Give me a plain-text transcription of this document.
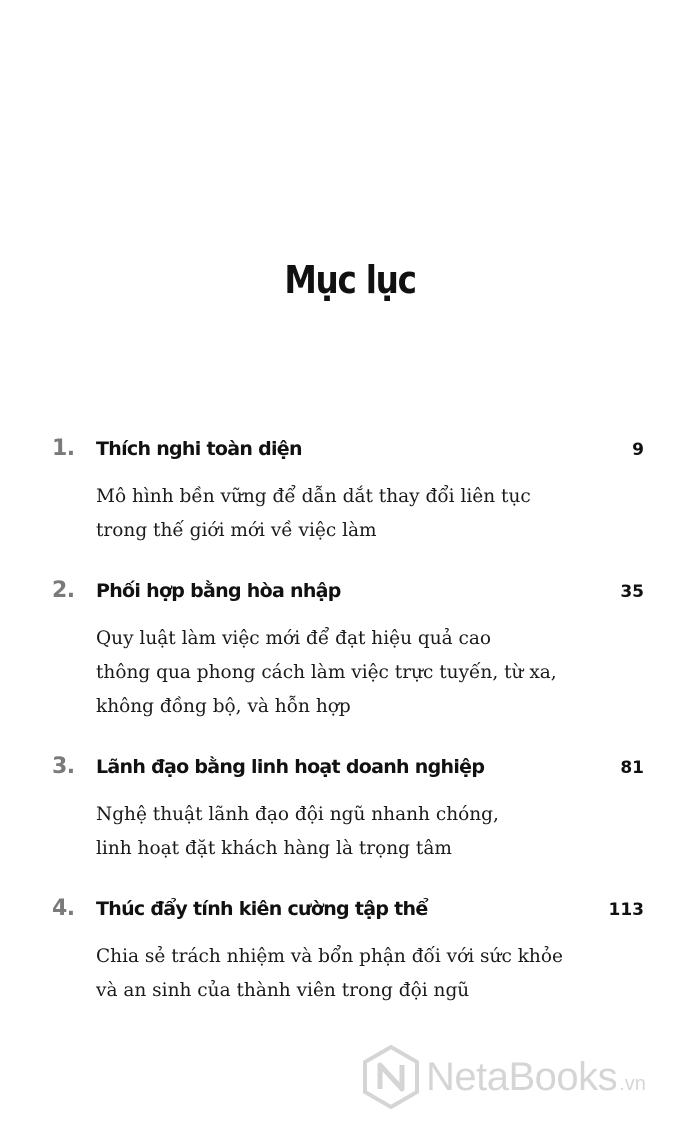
Mục lục
1. Thích nghi toàn diện	9
Mô hình bền vững để dẫn dắt thay đổi liên tục
trong thế giới mới về việc làm
2. Phối hợp bằng hòa nhập	35
Quy luật làm việc mới để đạt hiệu quả cao
thông qua phong cách làm việc trực tuyến, từ xa,
không đồng bộ, và hỗn hợp
3. Lãnh đạo bằng linh hoạt doanh nghiệp	81
Nghệ thuật lãnh đạo đội ngũ nhanh chóng,
linh hoạt đặt khách hàng là trọng tâm
4. Thúc đẩy tính kiên cường tập thể	113
Chia sẻ trách nhiệm và bổn phận đối với sức khỏe
và an sinh của thành viên trong đội ngũ
NetaBooks .vn
